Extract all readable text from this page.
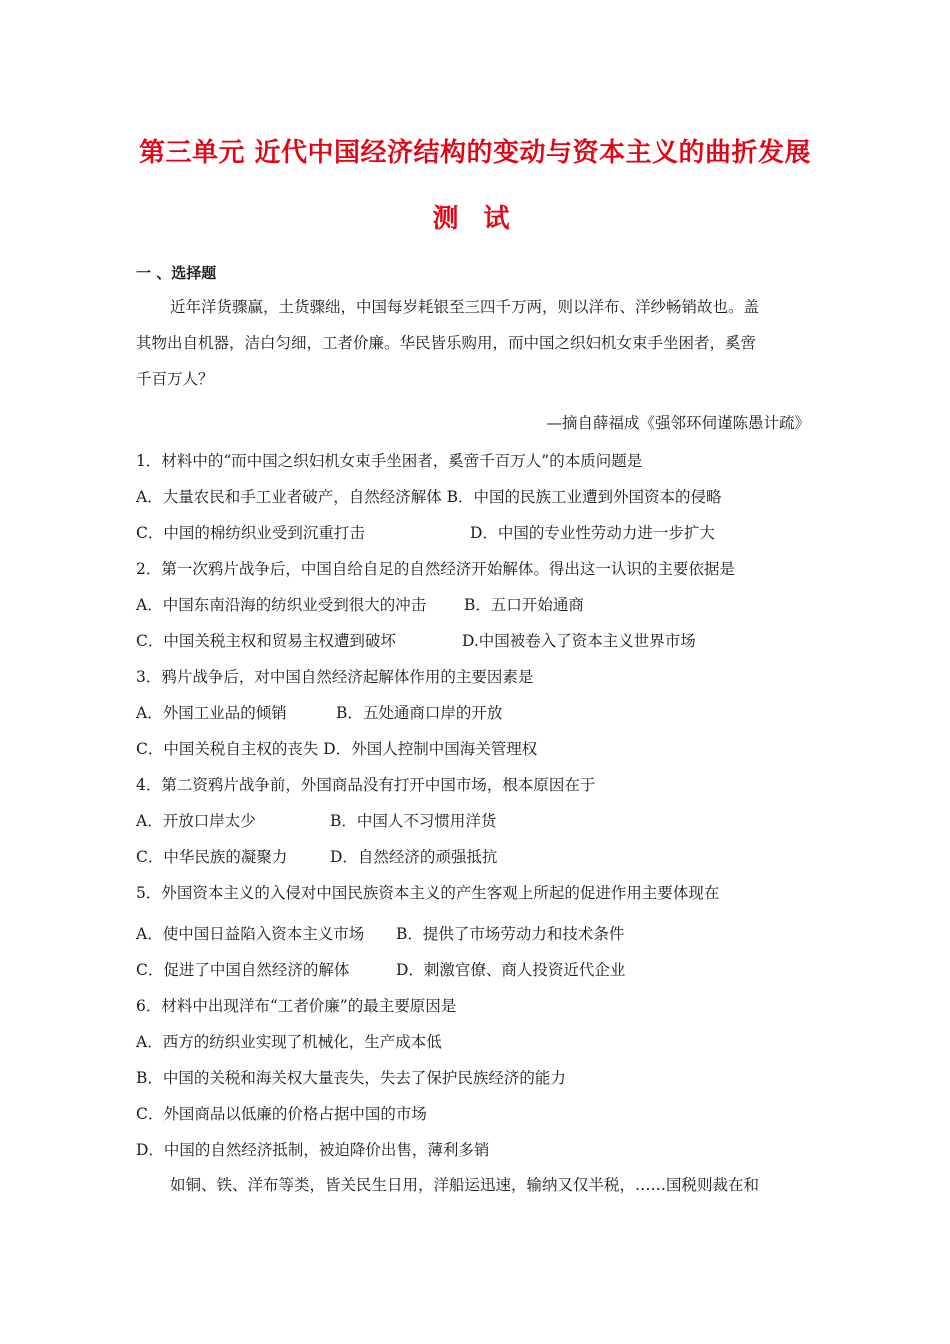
第三单元 近代中国经济结构的变动与资本主义的曲折发展
测 试
一 、选择题
近年洋货骤赢，土货骤绌，中国每岁耗银至三四千万两，则以洋布、洋纱畅销故也。盖
其物出自机器，洁白匀细，工者价廉。华民皆乐购用，而中国之织妇机女束手坐困者，奚啻
千百万人？
—摘自薛福成《强邻环伺谨陈愚计疏》
1．材料中的“而中国之织妇机女束手坐困者，奚啻千百万人”的本质问题是
A．大量农民和手工业者破产，自然经济解体 B．中国的民族工业遭到外国资本的侵略
C．中国的棉纺织业受到沉重打击	D．中国的专业性劳动力进一步扩大
2．第一次鸦片战争后，中国自给自足的自然经济开始解体。得出这一认识的主要依据是
A．中国东南沿海的纺织业受到很大的冲击 B．五口开始通商
C．中国关税主权和贸易主权遭到破坏	D.中国被卷入了资本主义世界市场
3．鸦片战争后，对中国自然经济起解体作用的主要因素是
A．外国工业品的倾销	B．五处通商口岸的开放
C．中国关税自主权的丧失 D．外国人控制中国海关管理权
4．第二资鸦片战争前，外国商品没有打开中国市场，根本原因在于
A．开放口岸太少	B．中国人不习惯用洋货
C．中华民族的凝聚力	D．自然经济的顽强抵抗
5．外国资本主义的入侵对中国民族资本主义的产生客观上所起的促进作用主要体现在
A．使中国日益陷入资本主义市场 B．提供了市场劳动力和技术条件
C．促进了中国自然经济的解体	D．刺激官僚、商人投资近代企业
6．材料中出现洋布“工者价廉”的最主要原因是
A．西方的纺织业实现了机械化，生产成本低
B．中国的关税和海关权大量丧失，失去了保护民族经济的能力
C．外国商品以低廉的价格占据中国的市场
D．中国的自然经济抵制，被迫降价出售，薄利多销
如铜、铁、洋布等类，皆关民生日用，洋船运迅速，输纳又仅半税，……国税则裁在和
